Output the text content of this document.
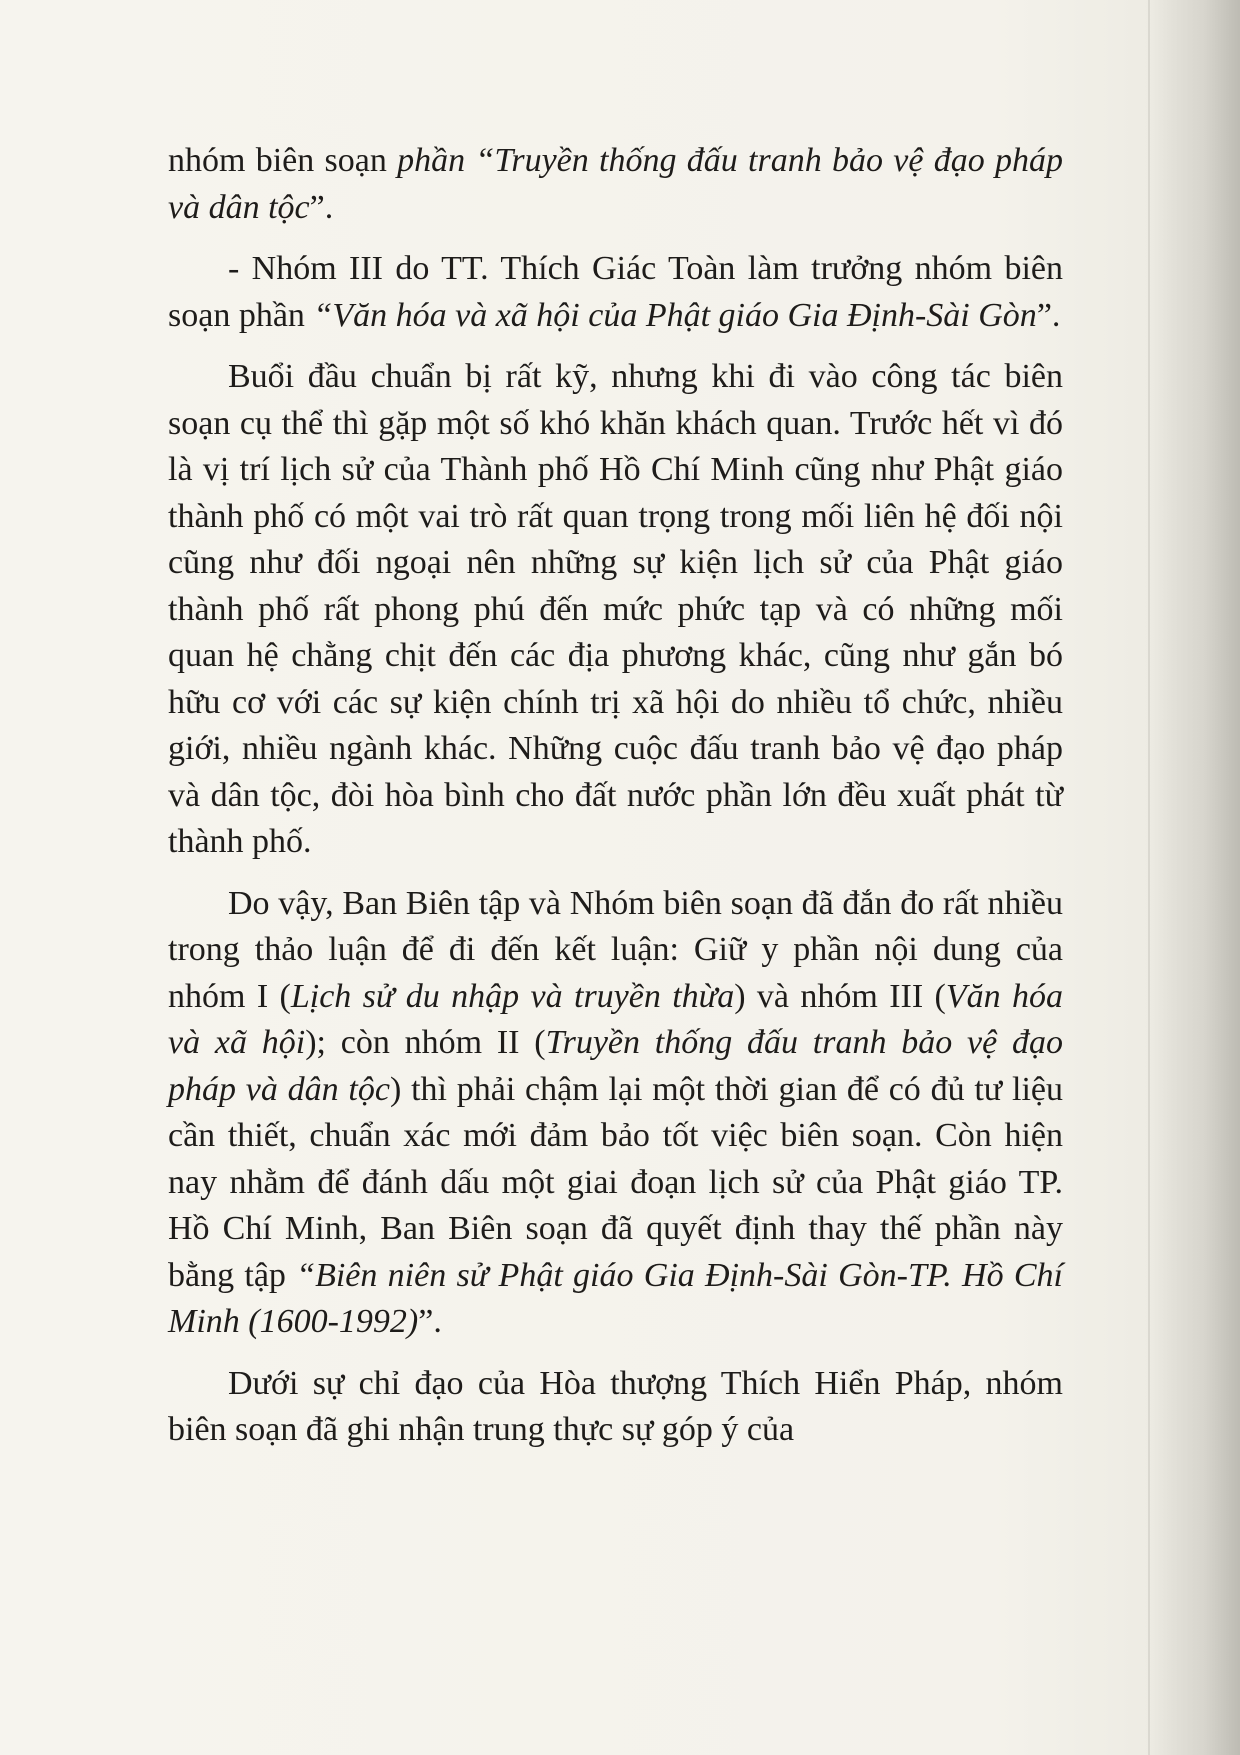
nhóm biên soạn phần “Truyền thống đấu tranh bảo vệ đạo pháp và dân tộc”.

- Nhóm III do TT. Thích Giác Toàn làm trưởng nhóm biên soạn phần “Văn hóa và xã hội của Phật giáo Gia Định-Sài Gòn”.

Buổi đầu chuẩn bị rất kỹ, nhưng khi đi vào công tác biên soạn cụ thể thì gặp một số khó khăn khách quan. Trước hết vì đó là vị trí lịch sử của Thành phố Hồ Chí Minh cũng như Phật giáo thành phố có một vai trò rất quan trọng trong mối liên hệ đối nội cũng như đối ngoại nên những sự kiện lịch sử của Phật giáo thành phố rất phong phú đến mức phức tạp và có những mối quan hệ chằng chịt đến các địa phương khác, cũng như gắn bó hữu cơ với các sự kiện chính trị xã hội do nhiều tổ chức, nhiều giới, nhiều ngành khác. Những cuộc đấu tranh bảo vệ đạo pháp và dân tộc, đòi hòa bình cho đất nước phần lớn đều xuất phát từ thành phố.

Do vậy, Ban Biên tập và Nhóm biên soạn đã đắn đo rất nhiều trong thảo luận để đi đến kết luận: Giữ y phần nội dung của nhóm I (Lịch sử du nhập và truyền thừa) và nhóm III (Văn hóa và xã hội); còn nhóm II (Truyền thống đấu tranh bảo vệ đạo pháp và dân tộc) thì phải chậm lại một thời gian để có đủ tư liệu cần thiết, chuẩn xác mới đảm bảo tốt việc biên soạn. Còn hiện nay nhằm để đánh dấu một giai đoạn lịch sử của Phật giáo TP. Hồ Chí Minh, Ban Biên soạn đã quyết định thay thế phần này bằng tập “Biên niên sử Phật giáo Gia Định-Sài Gòn-TP. Hồ Chí Minh (1600-1992)”.

Dưới sự chỉ đạo của Hòa thượng Thích Hiển Pháp, nhóm biên soạn đã ghi nhận trung thực sự góp ý của
